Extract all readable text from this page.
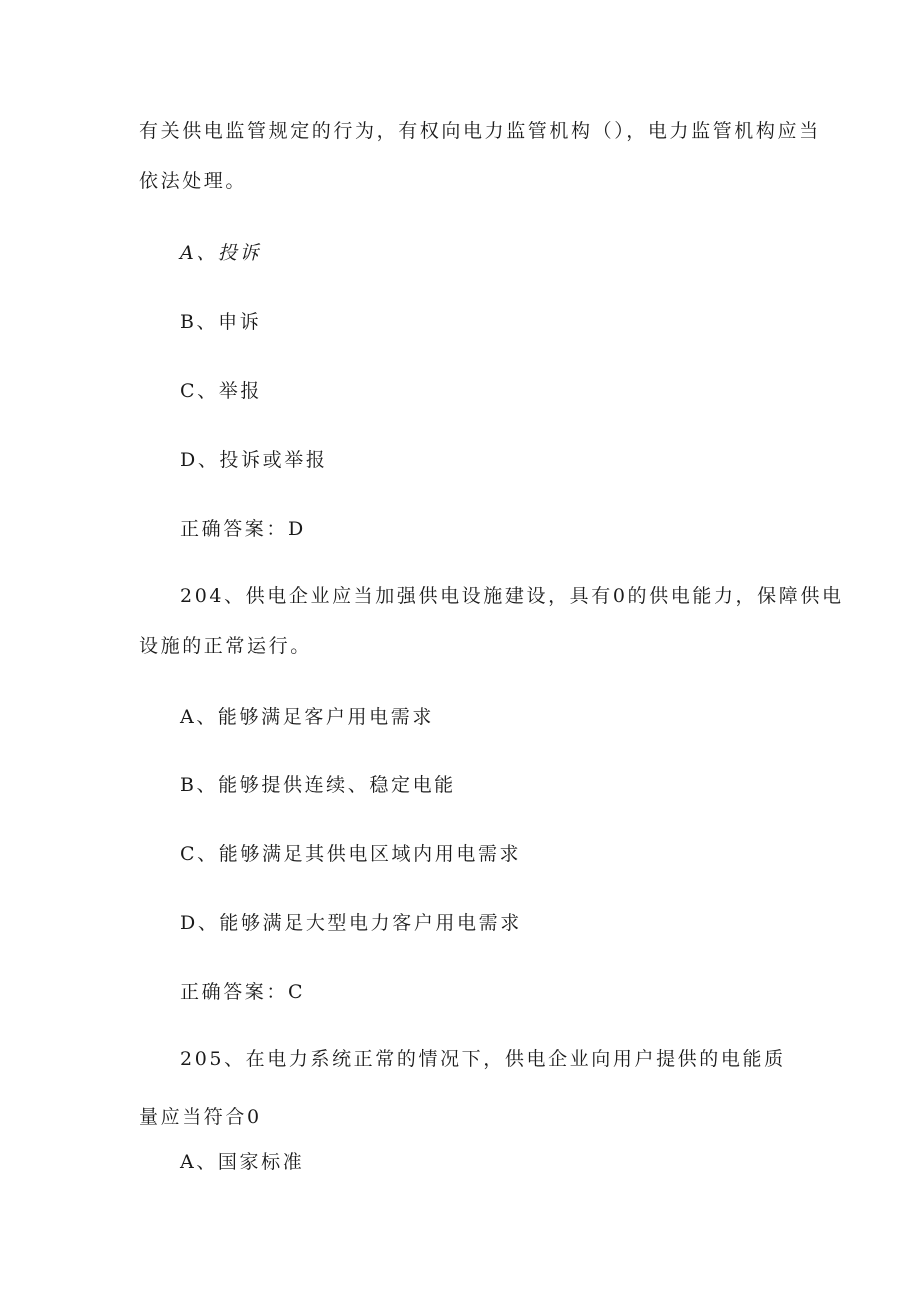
有关供电监管规定的行为，有权向电力监管机构（），电力监管机构应当
依法处理。
A、投诉
B、申诉
C、举报
D、投诉或举报
正确答案：D
204、供电企业应当加强供电设施建设，具有0的供电能力，保障供电
设施的正常运行。
A、能够满足客户用电需求
B、能够提供连续、稳定电能
C、能够满足其供电区域内用电需求
D、能够满足大型电力客户用电需求
正确答案：C
205、在电力系统正常的情况下，供电企业向用户提供的电能质
量应当符合0
A、国家标准
